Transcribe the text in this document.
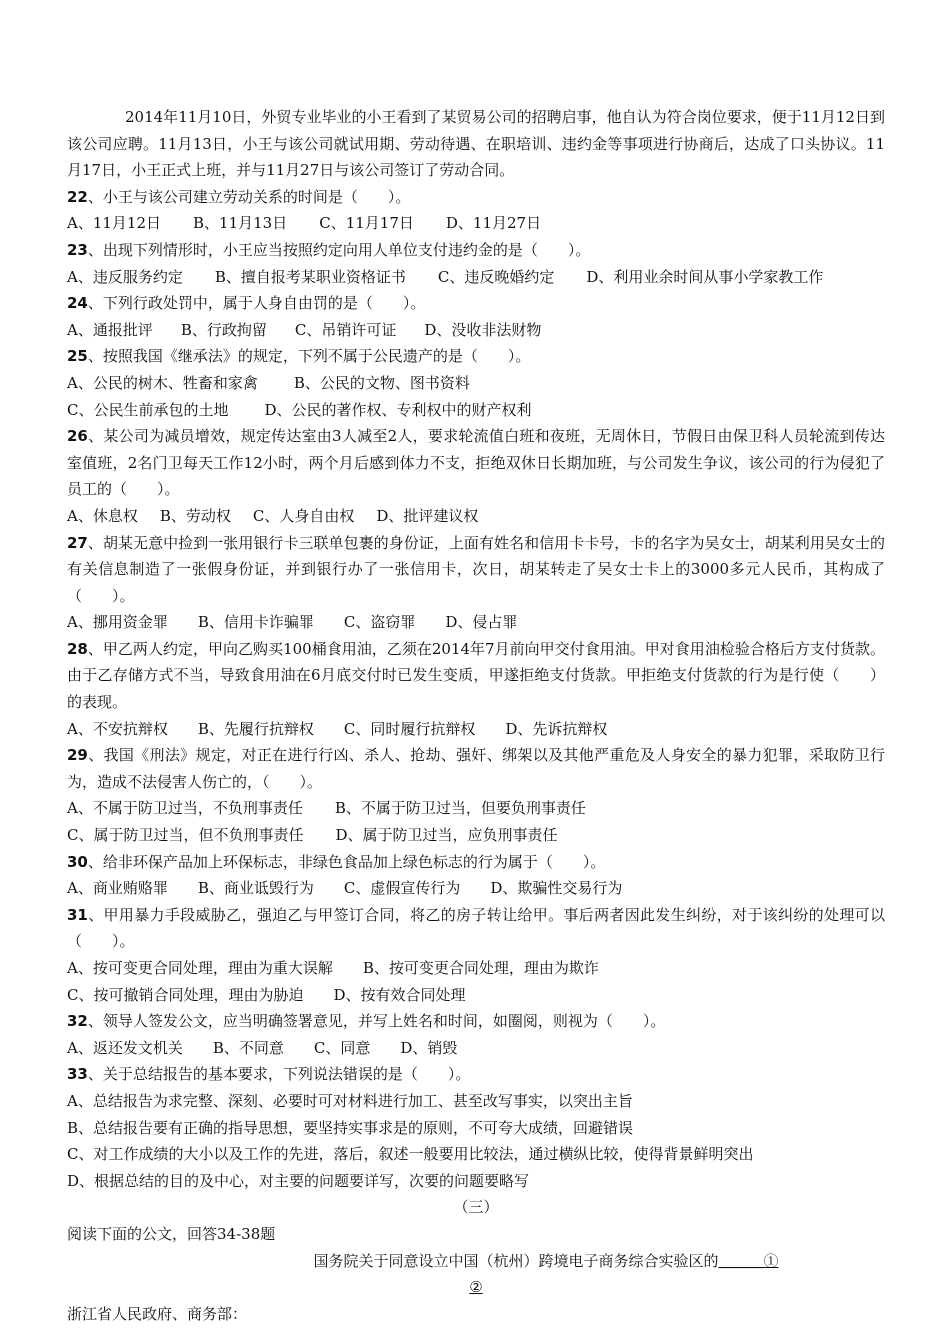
2014年11月10日，外贸专业毕业的小王看到了某贸易公司的招聘启事，他自认为符合岗位要求，便于11月12日到该公司应聘。11月13日，小王与该公司就试用期、劳动待遇、在职培训、违约金等事项进行协商后，达成了口头协议。11月17日，小王正式上班，并与11月27日与该公司签订了劳动合同。

22、小王与该公司建立劳动关系的时间是（　　）。

A、11月12日 B、11月13日 C、11月17日 D、11月27日

23、出现下列情形时，小王应当按照约定向用人单位支付违约金的是（　　）。

A、违反服务约定 B、擅自报考某职业资格证书 C、违反晚婚约定 D、利用业余时间从事小学家教工作

24、下列行政处罚中，属于人身自由罚的是（　　）。

A、通报批评 B、行政拘留 C、吊销许可证 D、没收非法财物

25、按照我国《继承法》的规定，下列不属于公民遗产的是（　　）。

A、公民的树木、牲畜和家禽 B、公民的文物、图书资料

C、公民生前承包的土地 D、公民的著作权、专利权中的财产权利

26、某公司为减员增效，规定传达室由3人减至2人，要求轮流值白班和夜班，无周休日，节假日由保卫科人员轮流到传达室值班，2名门卫每天工作12小时，两个月后感到体力不支，拒绝双休日长期加班，与公司发生争议，该公司的行为侵犯了员工的（　　）。

A、休息权 B、劳动权 C、人身自由权 D、批评建议权

27、胡某无意中捡到一张用银行卡三联单包裹的身份证，上面有姓名和信用卡卡号，卡的名字为吴女士，胡某利用吴女士的有关信息制造了一张假身份证，并到银行办了一张信用卡，次日，胡某转走了吴女士卡上的3000多元人民币，其构成了（　　）。

A、挪用资金罪 B、信用卡诈骗罪 C、盗窃罪 D、侵占罪

28、甲乙两人约定，甲向乙购买100桶食用油，乙须在2014年7月前向甲交付食用油。甲对食用油检验合格后方支付货款。由于乙存储方式不当，导致食用油在6月底交付时已发生变质，甲遂拒绝支付货款。甲拒绝支付货款的行为是行使（　　）的表现。

A、不安抗辩权 B、先履行抗辩权 C、同时履行抗辩权 D、先诉抗辩权

29、我国《刑法》规定，对正在进行行凶、杀人、抢劫、强奸、绑架以及其他严重危及人身安全的暴力犯罪，采取防卫行为，造成不法侵害人伤亡的，（　　）。

A、不属于防卫过当，不负刑事责任 B、不属于防卫过当，但要负刑事责任

C、属于防卫过当，但不负刑事责任 D、属于防卫过当，应负刑事责任

30、给非环保产品加上环保标志，非绿色食品加上绿色标志的行为属于（　　）。

A、商业贿赂罪 B、商业诋毁行为 C、虚假宣传行为 D、欺骗性交易行为

31、甲用暴力手段威胁乙，强迫乙与甲签订合同，将乙的房子转让给甲。事后两者因此发生纠纷，对于该纠纷的处理可以（　　）。

A、按可变更合同处理，理由为重大误解 B、按可变更合同处理，理由为欺诈

C、按可撤销合同处理，理由为胁迫 D、按有效合同处理

32、领导人签发公文，应当明确签署意见，并写上姓名和时间，如圈阅，则视为（　　）。

A、返还发文机关 B、不同意 C、同意 D、销毁

33、关于总结报告的基本要求，下列说法错误的是（　　）。

A、总结报告为求完整、深刻、必要时可对材料进行加工、甚至改写事实，以突出主旨

B、总结报告要有正确的指导思想，要坚持实事求是的原则，不可夸大成绩，回避错误

C、对工作成绩的大小以及工作的先进，落后，叙述一般要用比较法，通过横纵比较，使得背景鲜明突出

D、根据总结的目的及中心，对主要的问题要详写，次要的问题要略写

（三）

阅读下面的公文，回答34-38题

国务院关于同意设立中国（杭州）跨境电子商务综合实验区的＿＿＿①

②

浙江省人民政府、商务部：
